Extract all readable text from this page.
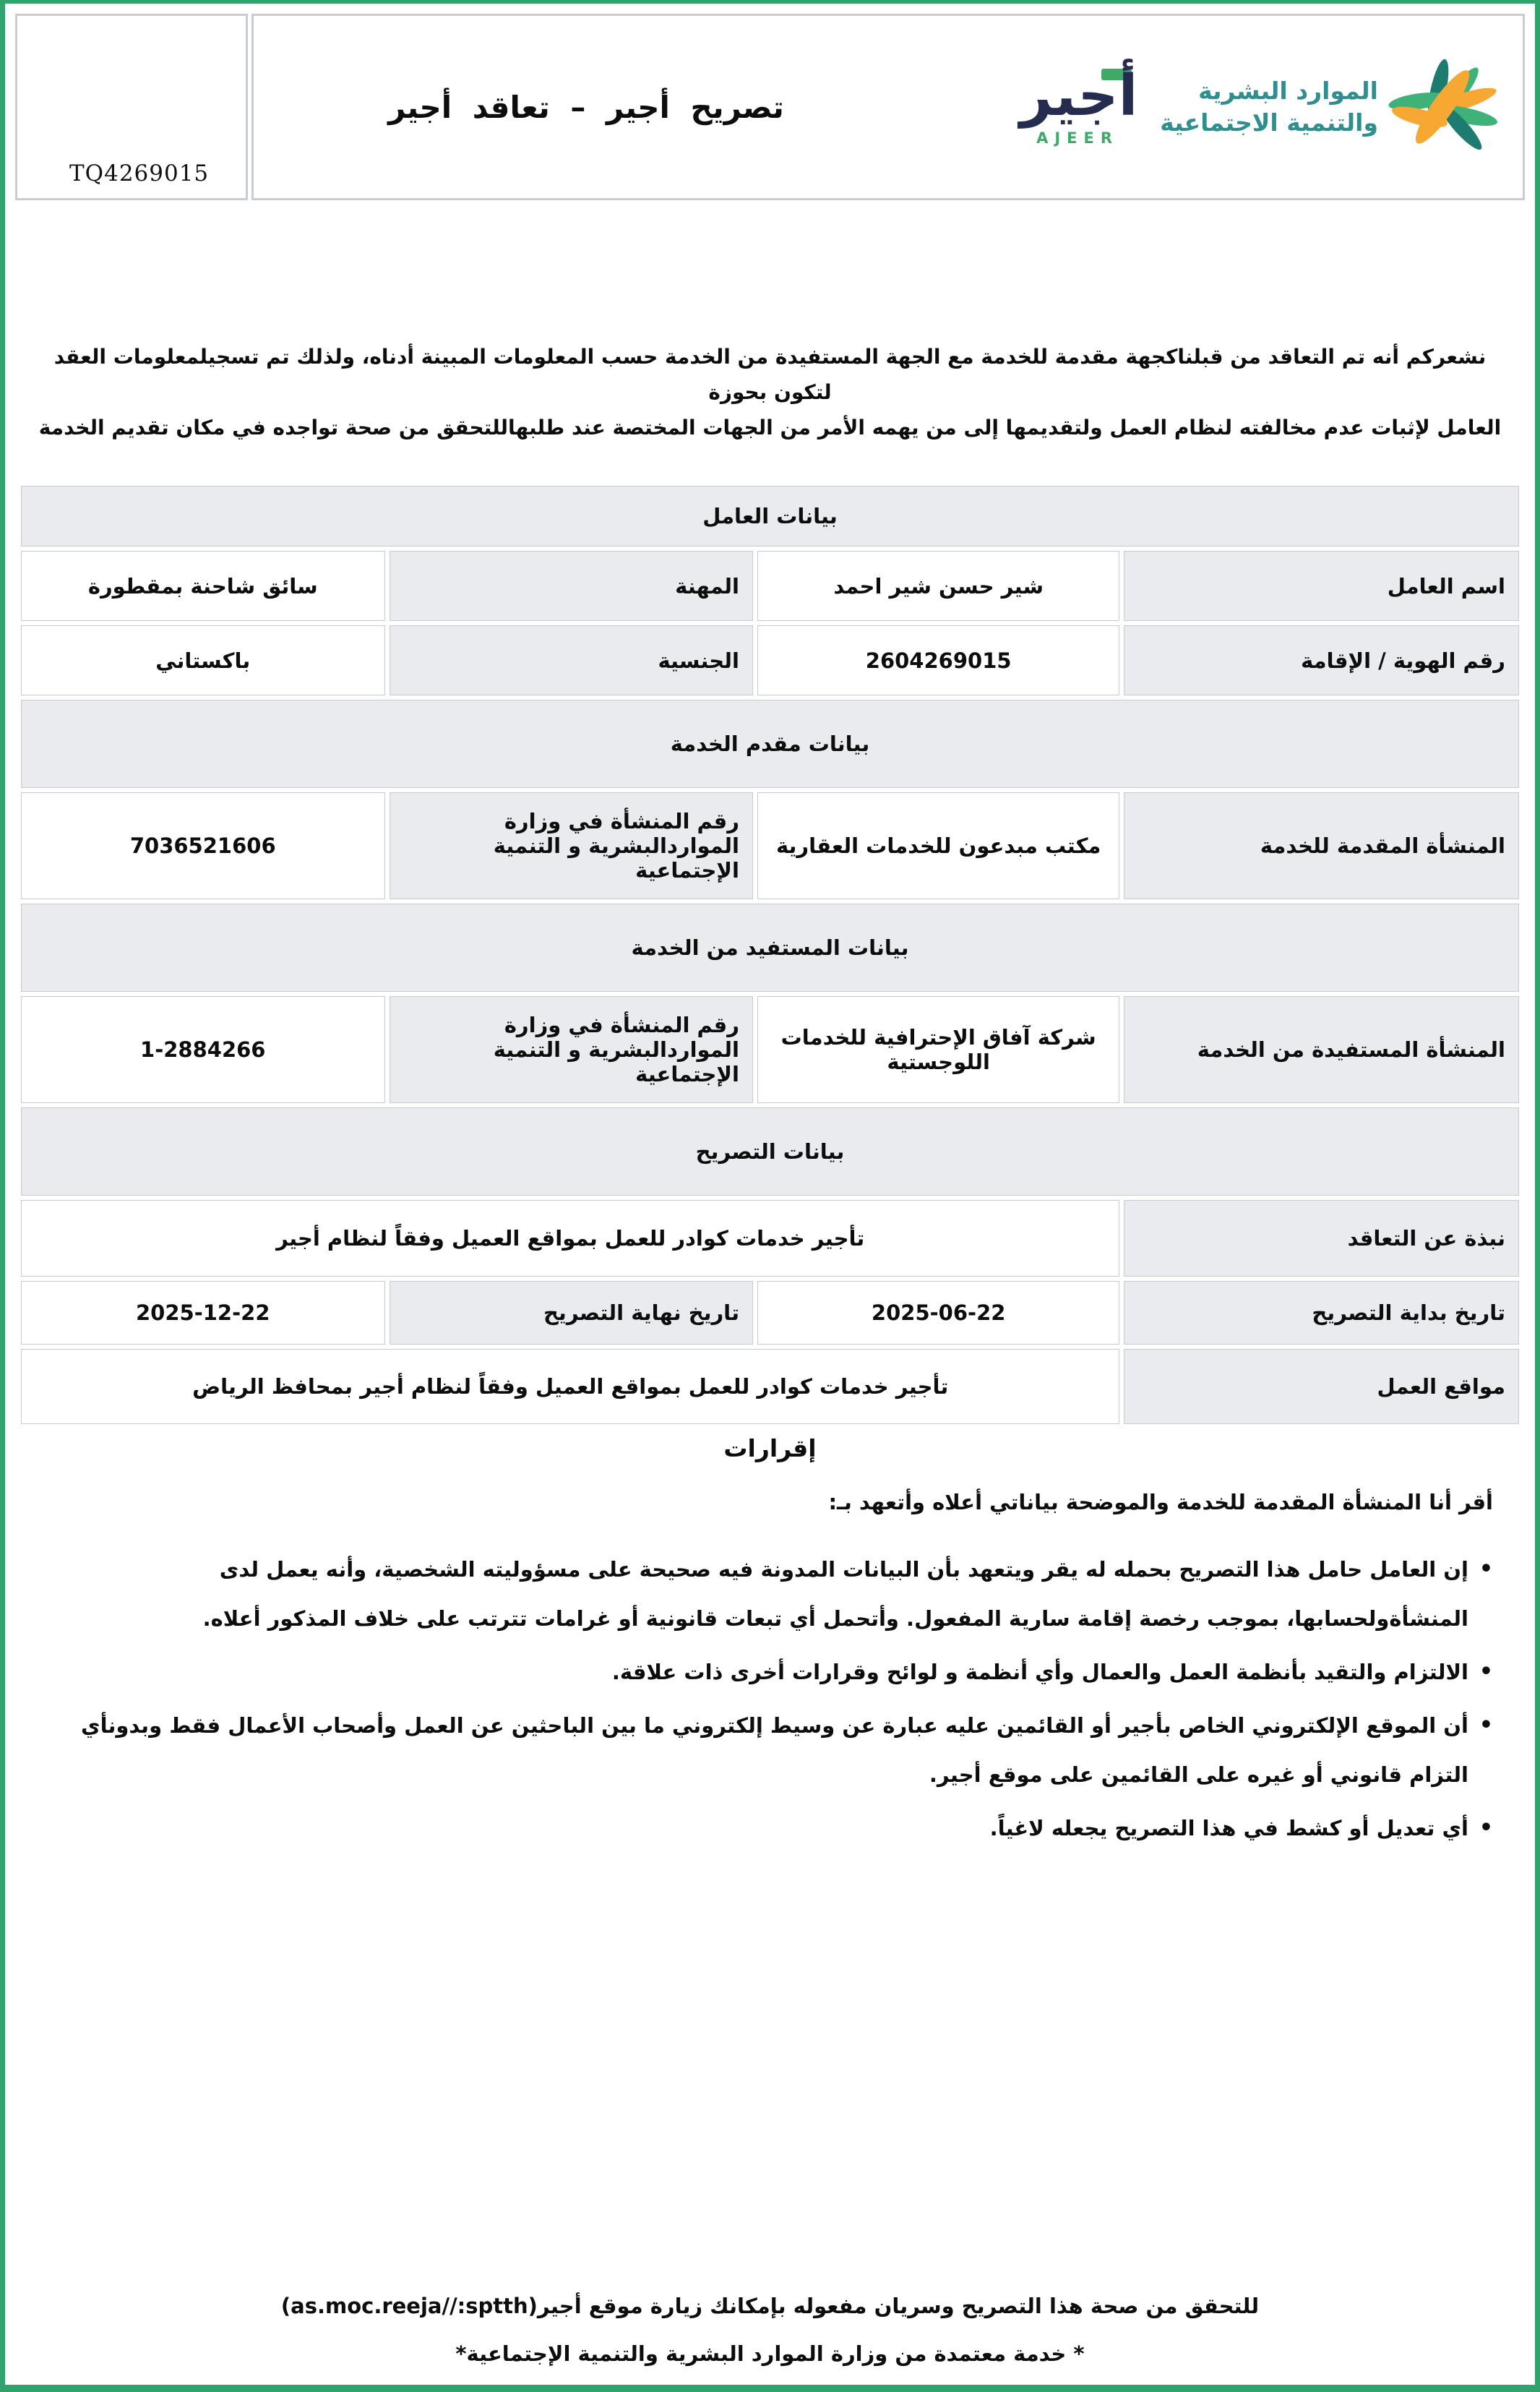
TQ4269015
تصريح أجير – تعاقد أجير	أجير
AJEER
الموارد البشرية
والتنمية الاجتماعية
نشعركم أنه تم التعاقد من قبلناكجهة مقدمة للخدمة مع الجهة المستفيدة من الخدمة حسب المعلومات المبينة أدناه، ولذلك تم تسجيلمعلومات العقد لتكون بحوزة
العامل لإثبات عدم مخالفته لنظام العمل ولتقديمها إلى من يهمه الأمر من الجهات المختصة عند طلبهاللتحقق من صحة تواجده في مكان تقديم الخدمة
بيانات العامل			
اسم العامل	شير حسن شير احمد	المهنة	سائق شاحنة بمقطورة
رقم الهوية / الإقامة	2604269015	الجنسية	باكستاني
بيانات مقدم الخدمة			
المنشأة المقدمة للخدمة	مكتب مبدعون للخدمات العقارية	رقم المنشأة في وزارة المواردالبشرية و التنمية الإجتماعية	7036521606
بيانات المستفيد من الخدمة			
المنشأة المستفيدة من الخدمة	شركة آفاق الإحترافية للخدمات اللوجستية	رقم المنشأة في وزارة المواردالبشرية و التنمية الإجتماعية	1-2884266
بيانات التصريح			
نبذة عن التعاقد	تأجير خدمات كوادر للعمل بمواقع العميل وفقاً لنظام أجير		
تاريخ بداية التصريح	2025-06-22	تاريخ نهاية التصريح	2025-12-22
مواقع العمل	تأجير خدمات كوادر للعمل بمواقع العميل وفقاً لنظام أجير بمحافظ الرياض		
إقرارات
أقر أنا المنشأة المقدمة للخدمة والموضحة بياناتي أعلاه وأتعهد بـ:
•
إن العامل حامل هذا التصريح بحمله له يقر ويتعهد بأن البيانات المدونة فيه صحيحة على مسؤوليته الشخصية، وأنه يعمل لدى المنشأةولحسابها، بموجب رخصة إقامة سارية المفعول. وأتحمل أي تبعات قانونية أو غرامات تترتب على خلاف المذكور أعلاه.
•
الالتزام والتقيد بأنظمة العمل والعمال وأي أنظمة و لوائح وقرارات أخرى ذات علاقة.
•
أن الموقع الإلكتروني الخاص بأجير أو القائمين عليه عبارة عن وسيط إلكتروني ما بين الباحثين عن العمل وأصحاب الأعمال فقط وبدونأي التزام قانوني أو غيره على القائمين على موقع أجير.
•
أي تعديل أو كشط في هذا التصريح يجعله لاغياً.
للتحقق من صحة هذا التصريح وسريان مفعوله بإمكانك زيارة موقع أجير(as.moc.reeja//:sptth)
* خدمة معتمدة من وزارة الموارد البشرية والتنمية الإجتماعية*
